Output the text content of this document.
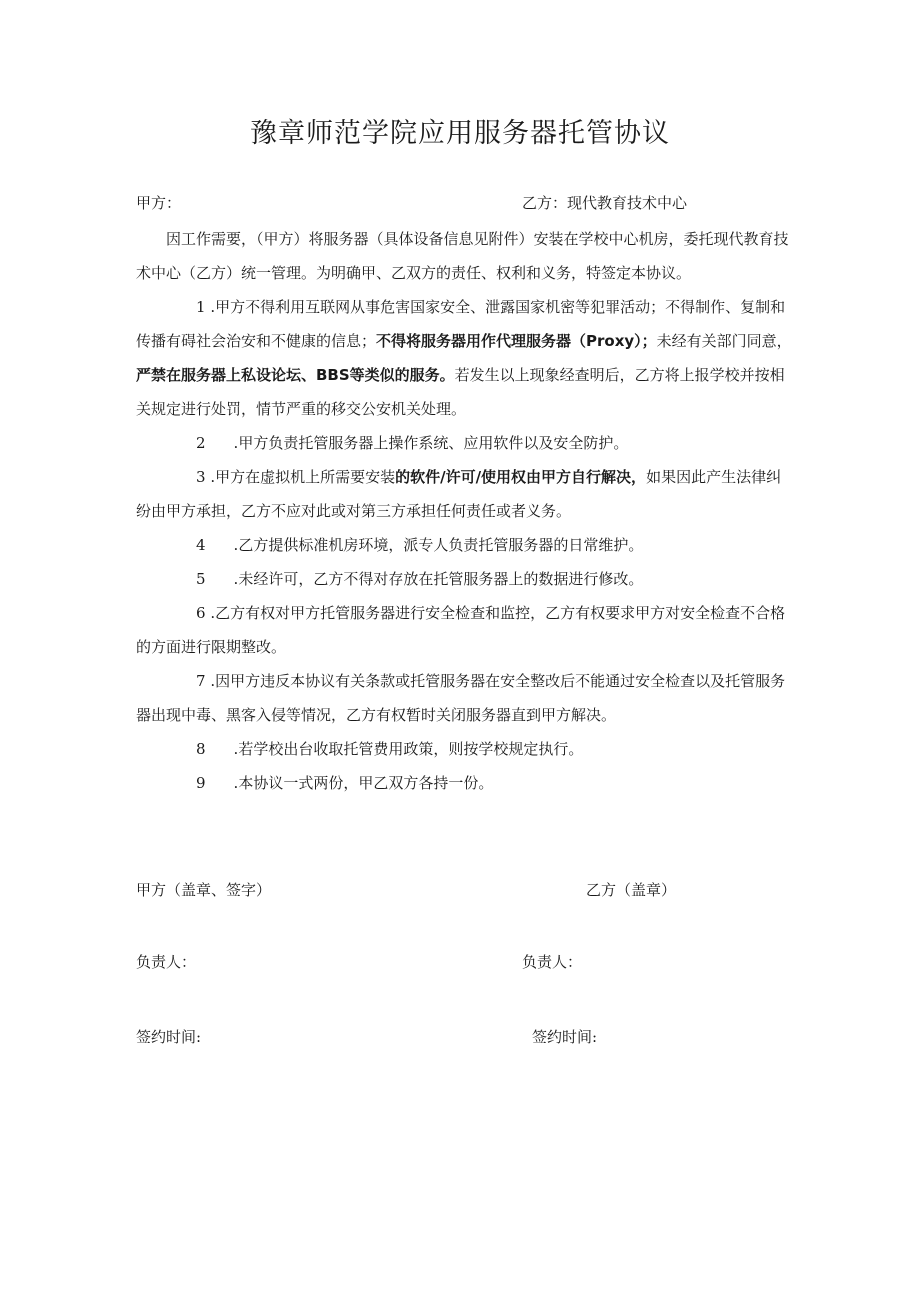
豫章师范学院应用服务器托管协议
甲方：	乙方：现代教育技术中心

因工作需要，（甲方）将服务器（具体设备信息见附件）安装在学校中心机房，委托现代教育技术中心（乙方）统一管理。为明确甲、乙双方的责任、权利和义务，特签定本协议。

1 .甲方不得利用互联网从事危害国家安全、泄露国家机密等犯罪活动；不得制作、复制和传播有碍社会治安和不健康的信息；不得将服务器用作代理服务器（Proxy）；未经有关部门同意，严禁在服务器上私设论坛、BBS等类似的服务。若发生以上现象经查明后，乙方将上报学校并按相关规定进行处罚，情节严重的移交公安机关处理。

2 .甲方负责托管服务器上操作系统、应用软件以及安全防护。

3 .甲方在虚拟机上所需要安装的软件/许可/使用权由甲方自行解决，如果因此产生法律纠纷由甲方承担，乙方不应对此或对第三方承担任何责任或者义务。

4 .乙方提供标准机房环境，派专人负责托管服务器的日常维护。

5 .未经许可，乙方不得对存放在托管服务器上的数据进行修改。

6 .乙方有权对甲方托管服务器进行安全检查和监控，乙方有权要求甲方对安全检查不合格的方面进行限期整改。

7 .因甲方违反本协议有关条款或托管服务器在安全整改后不能通过安全检查以及托管服务器出现中毒、黑客入侵等情况，乙方有权暂时关闭服务器直到甲方解决。

8 .若学校出台收取托管费用政策，则按学校规定执行。

9 .本协议一式两份，甲乙双方各持一份。

甲方（盖章、签字）	乙方（盖章）
负责人：	负责人：
签约时间:	签约时间:
